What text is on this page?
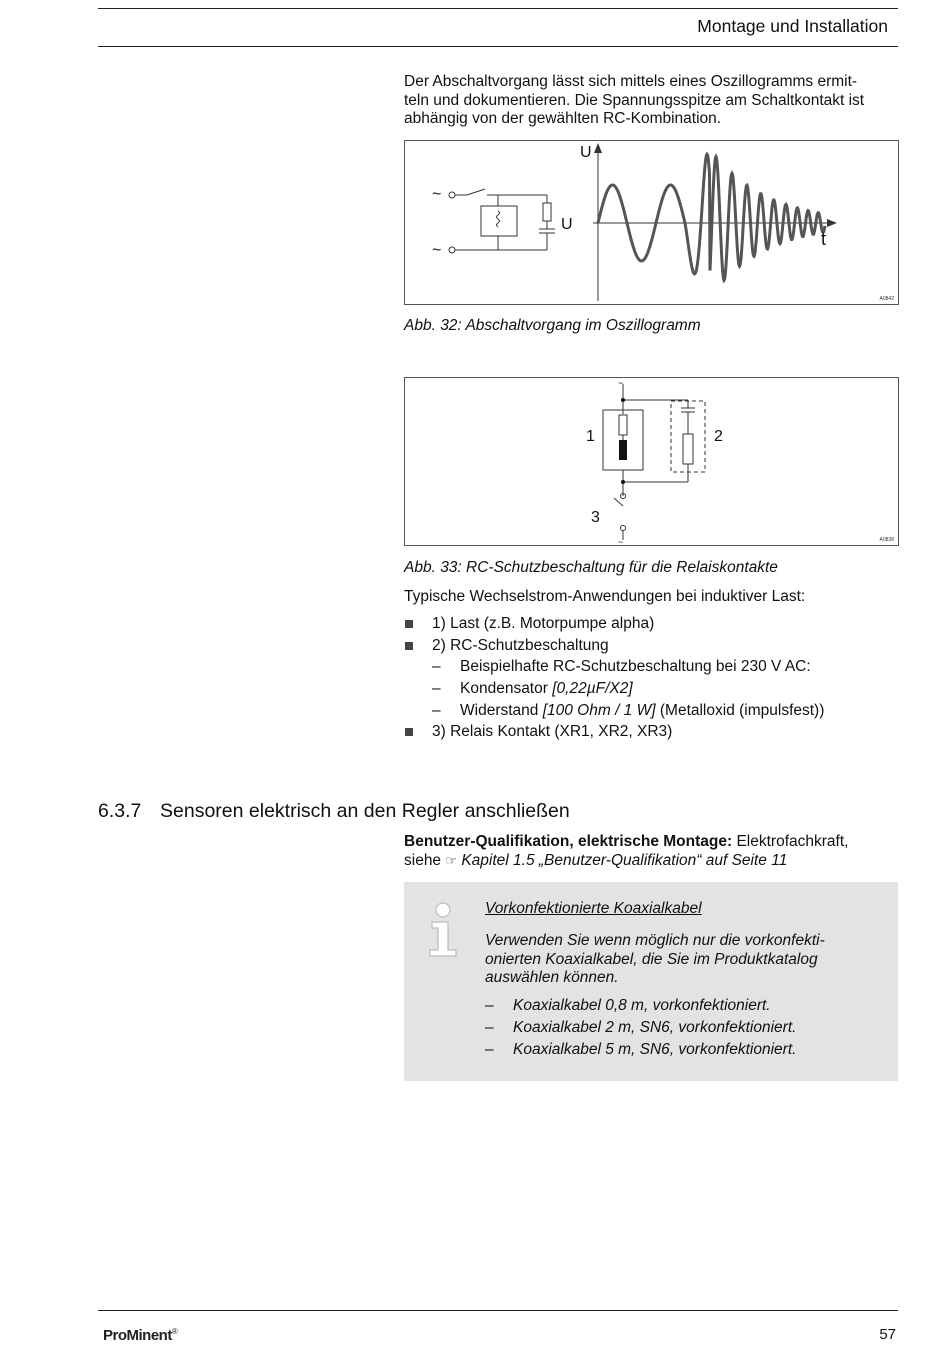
Montage und Installation
Der Abschaltvorgang lässt sich mittels eines Oszillogramms ermit-
teln und dokumentieren. Die Spannungsspitze am Schaltkontakt ist
abhängig von der gewählten RC-Kombination.
U
t
U
~
~
A0842
Abb. 32: Abschaltvorgang im Oszillogramm
~
~
1	2
3
A0838
Abb. 33: RC-Schutzbeschaltung für die Relaiskontakte
Typische Wechselstrom-Anwendungen bei induktiver Last:
1) Last (z.B. Motorpumpe alpha)
2) RC-Schutzbeschaltung
– Beispielhafte RC-Schutzbeschaltung bei 230 V AC:
– Kondensator [0,22µF/X2]
– Widerstand [100 Ohm / 1 W] (Metalloxid (impulsfest))
3) Relais Kontakt (XR1, XR2, XR3)
6.3.7 Sensoren elektrisch an den Regler anschließen
Benutzer-Qualifikation, elektrische Montage: Elektrofachkraft,
siehe ☞ Kapitel 1.5 „Benutzer-Qualifikation“ auf Seite 11
Vorkonfektionierte Koaxialkabel
Verwenden Sie wenn möglich nur die vorkonfekti-
onierten Koaxialkabel, die Sie im Produktkatalog
auswählen können.
– Koaxialkabel 0,8 m, vorkonfektioniert.
– Koaxialkabel 2 m, SN6, vorkonfektioniert.
– Koaxialkabel 5 m, SN6, vorkonfektioniert.
ProMinent®	57
